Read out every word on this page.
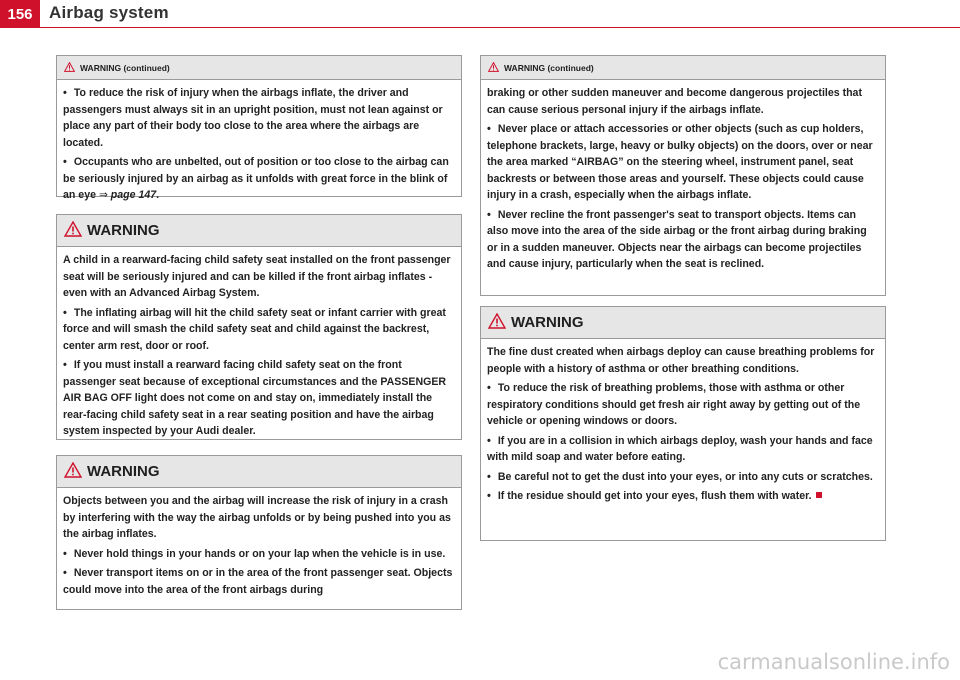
156 Airbag system
WARNING (continued)

• To reduce the risk of injury when the airbags inflate, the driver and passengers must always sit in an upright position, must not lean against or place any part of their body too close to the area where the airbags are located.

• Occupants who are unbelted, out of position or too close to the airbag can be seriously injured by an airbag as it unfolds with great force in the blink of an eye ⇒ page 147.

WARNING

A child in a rearward-facing child safety seat installed on the front passenger seat will be seriously injured and can be killed if the front airbag inflates - even with an Advanced Airbag System.

• The inflating airbag will hit the child safety seat or infant carrier with great force and will smash the child safety seat and child against the backrest, center arm rest, door or roof.

• If you must install a rearward facing child safety seat on the front passenger seat because of exceptional circumstances and the PASSENGER AIR BAG OFF light does not come on and stay on, immediately install the rear-facing child safety seat in a rear seating position and have the airbag system inspected by your Audi dealer.

WARNING

Objects between you and the airbag will increase the risk of injury in a crash by interfering with the way the airbag unfolds or by being pushed into you as the airbag inflates.

• Never hold things in your hands or on your lap when the vehicle is in use.

• Never transport items on or in the area of the front passenger seat. Objects could move into the area of the front airbags during

WARNING (continued)

braking or other sudden maneuver and become dangerous projectiles that can cause serious personal injury if the airbags inflate.

• Never place or attach accessories or other objects (such as cup holders, telephone brackets, large, heavy or bulky objects) on the doors, over or near the area marked “AIRBAG” on the steering wheel, instrument panel, seat backrests or between those areas and yourself. These objects could cause injury in a crash, especially when the airbags inflate.

• Never recline the front passenger's seat to transport objects. Items can also move into the area of the side airbag or the front airbag during braking or in a sudden maneuver. Objects near the airbags can become projectiles and cause injury, particularly when the seat is reclined.

WARNING

The fine dust created when airbags deploy can cause breathing problems for people with a history of asthma or other breathing conditions.

• To reduce the risk of breathing problems, those with asthma or other respiratory conditions should get fresh air right away by getting out of the vehicle or opening windows or doors.

• If you are in a collision in which airbags deploy, wash your hands and face with mild soap and water before eating.

• Be careful not to get the dust into your eyes, or into any cuts or scratches.

• If the residue should get into your eyes, flush them with water.

carmanualsonline.info
